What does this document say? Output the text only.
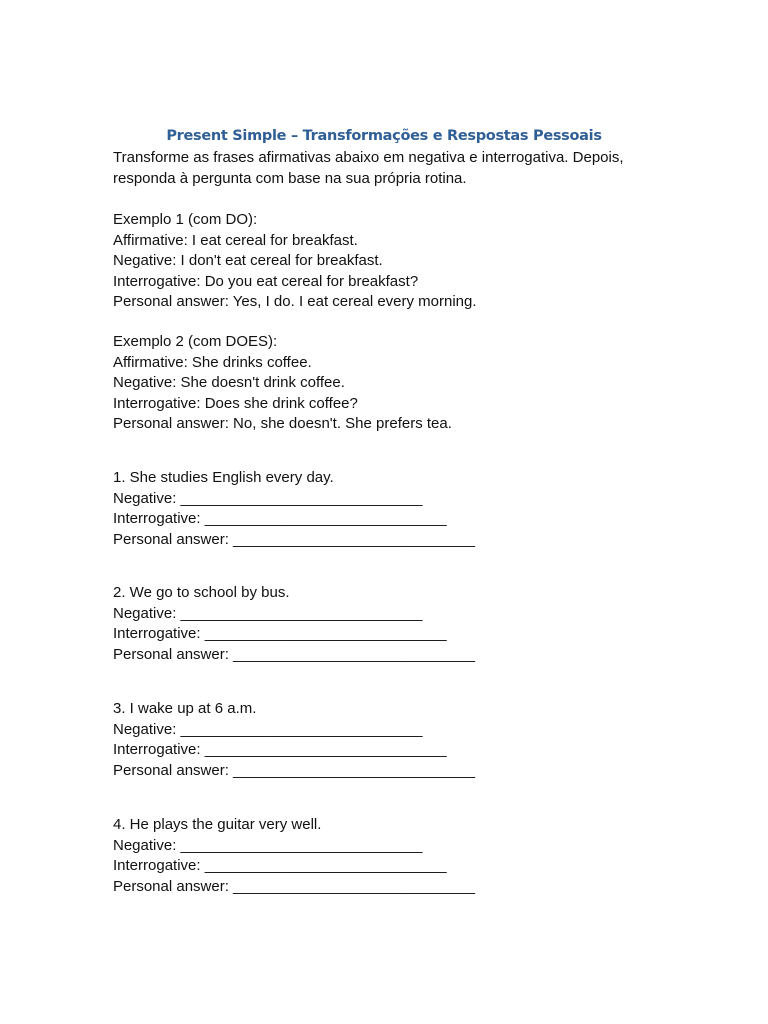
Present Simple – Transformações e Respostas Pessoais
Transforme as frases afirmativas abaixo em negativa e interrogativa. Depois,
responda à pergunta com base na sua própria rotina.
Exemplo 1 (com DO):
Affirmative: I eat cereal for breakfast.
Negative: I don't eat cereal for breakfast.
Interrogative: Do you eat cereal for breakfast?
Personal answer: Yes, I do. I eat cereal every morning.
Exemplo 2 (com DOES):
Affirmative: She drinks coffee.
Negative: She doesn't drink coffee.
Interrogative: Does she drink coffee?
Personal answer: No, she doesn't. She prefers tea.
1. She studies English every day.
Negative: _____________________________
Interrogative: _____________________________
Personal answer: _____________________________
2. We go to school by bus.
Negative: _____________________________
Interrogative: _____________________________
Personal answer: _____________________________
3. I wake up at 6 a.m.
Negative: _____________________________
Interrogative: _____________________________
Personal answer: _____________________________
4. He plays the guitar very well.
Negative: _____________________________
Interrogative: _____________________________
Personal answer: _____________________________
